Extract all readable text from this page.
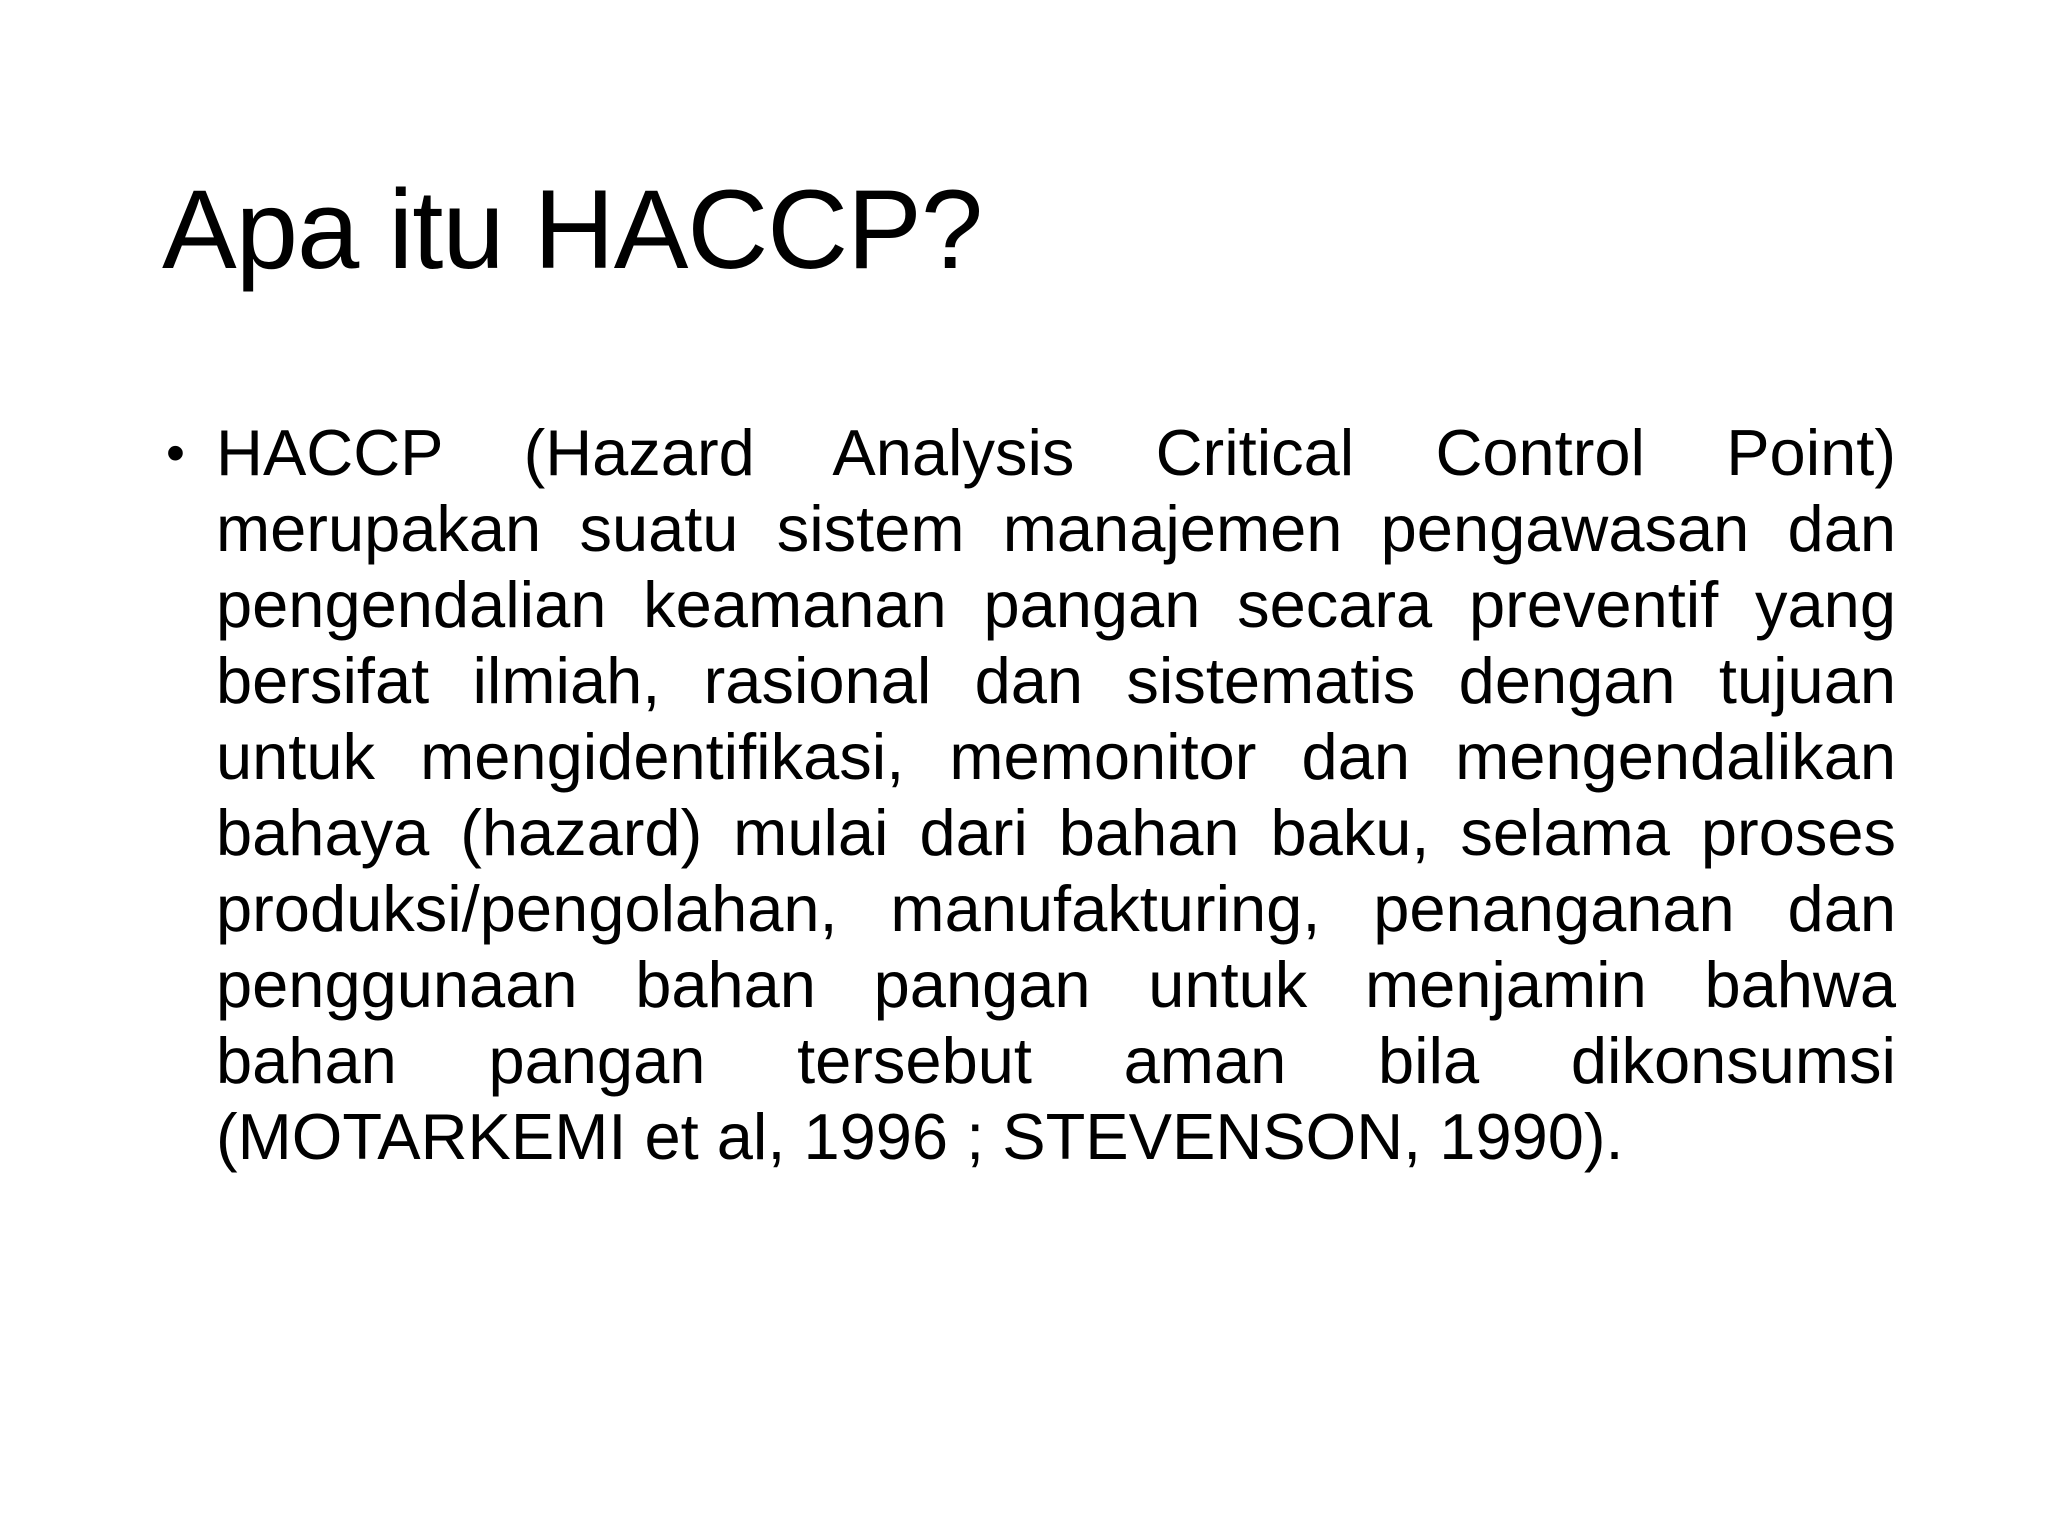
Apa itu HACCP?
• HACCP (Hazard Analysis Critical Control Point) merupakan suatu sistem manajemen pengawasan dan pengendalian keamanan pangan secara preventif yang bersifat ilmiah, rasional dan sistematis dengan tujuan untuk mengidentifikasi, memonitor dan mengendalikan bahaya (hazard) mulai dari bahan baku, selama proses produksi/pengolahan, manufakturing, penanganan dan penggunaan bahan pangan untuk menjamin bahwa bahan pangan tersebut aman bila dikonsumsi (MOTARKEMI et al, 1996 ; STEVENSON, 1990).
